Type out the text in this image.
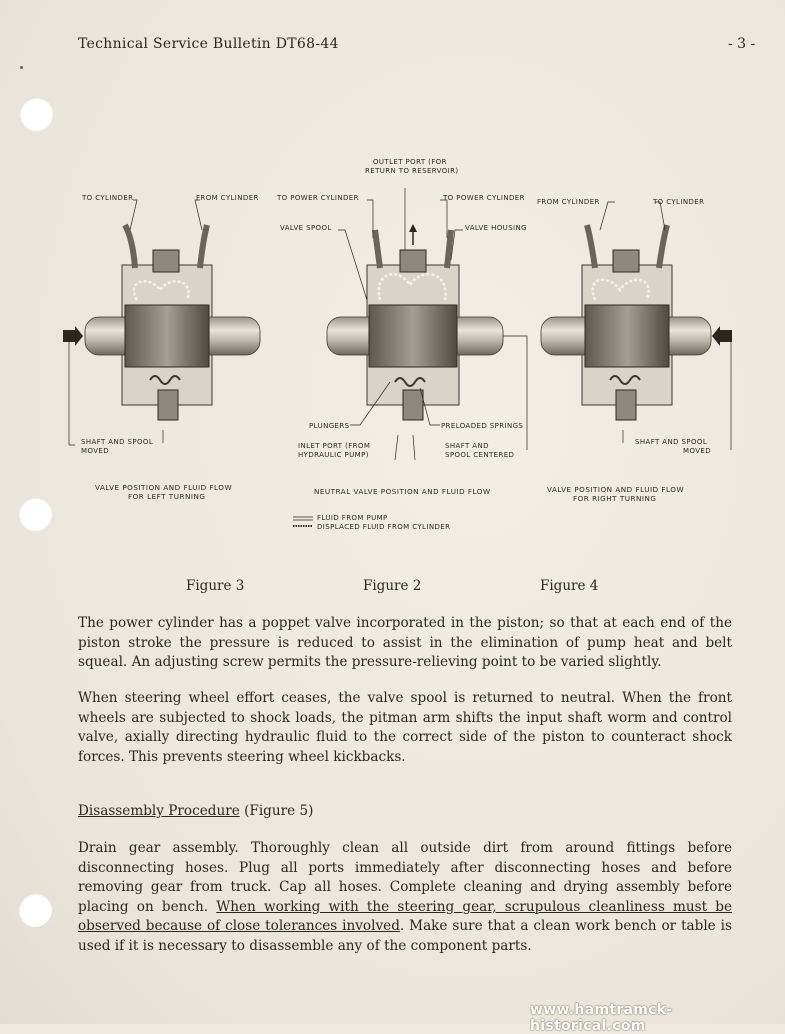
Technical Service Bulletin DT68-44	- 3 -
OUTLET PORT (FOR
RETURN TO RESERVOIR)
TO POWER CYLINDER	TO POWER CYLINDER
VALVE SPOOL	VALVE HOUSING
TO CYLINDER	FROM CYLINDER	FROM CYLINDER	TO CYLINDER
PLUNGERS	PRELOADED SPRINGS
INLET PORT (FROM
HYDRAULIC PUMP)
SHAFT AND
SPOOL CENTERED
SHAFT AND SPOOL
MOVED
SHAFT AND SPOOL
MOVED
VALVE POSITION AND FLUID FLOW
FOR LEFT TURNING
NEUTRAL VALVE POSITION AND FLUID FLOW	VALVE POSITION AND FLUID FLOW
FOR RIGHT TURNING
FLUID FROM PUMP
DISPLACED FLUID FROM CYLINDER
Figure 3	Figure 2	Figure 4

The power cylinder has a poppet valve incorporated in the piston; so that at each end of the piston stroke the pressure is reduced to assist in the elimination of pump heat and belt squeal. An adjusting screw permits the pressure-relieving point to be varied slightly.

When steering wheel effort ceases, the valve spool is returned to neutral. When the front wheels are subjected to shock loads, the pitman arm shifts the input shaft worm and control valve, axially directing hydraulic fluid to the correct side of the piston to counteract shock forces. This prevents steering wheel kickbacks.

Disassembly Procedure (Figure 5)

Drain gear assembly. Thoroughly clean all outside dirt from around fittings before disconnecting hoses. Plug all ports immediately after disconnecting hoses and before removing gear from truck. Cap all hoses. Complete cleaning and drying assembly before placing on bench. When working with the steering gear, scrupulous cleanliness must be observed because of close tolerances involved. Make sure that a clean work bench or table is used if it is necessary to disassemble any of the component parts.

www.hamtramck-historical.com
